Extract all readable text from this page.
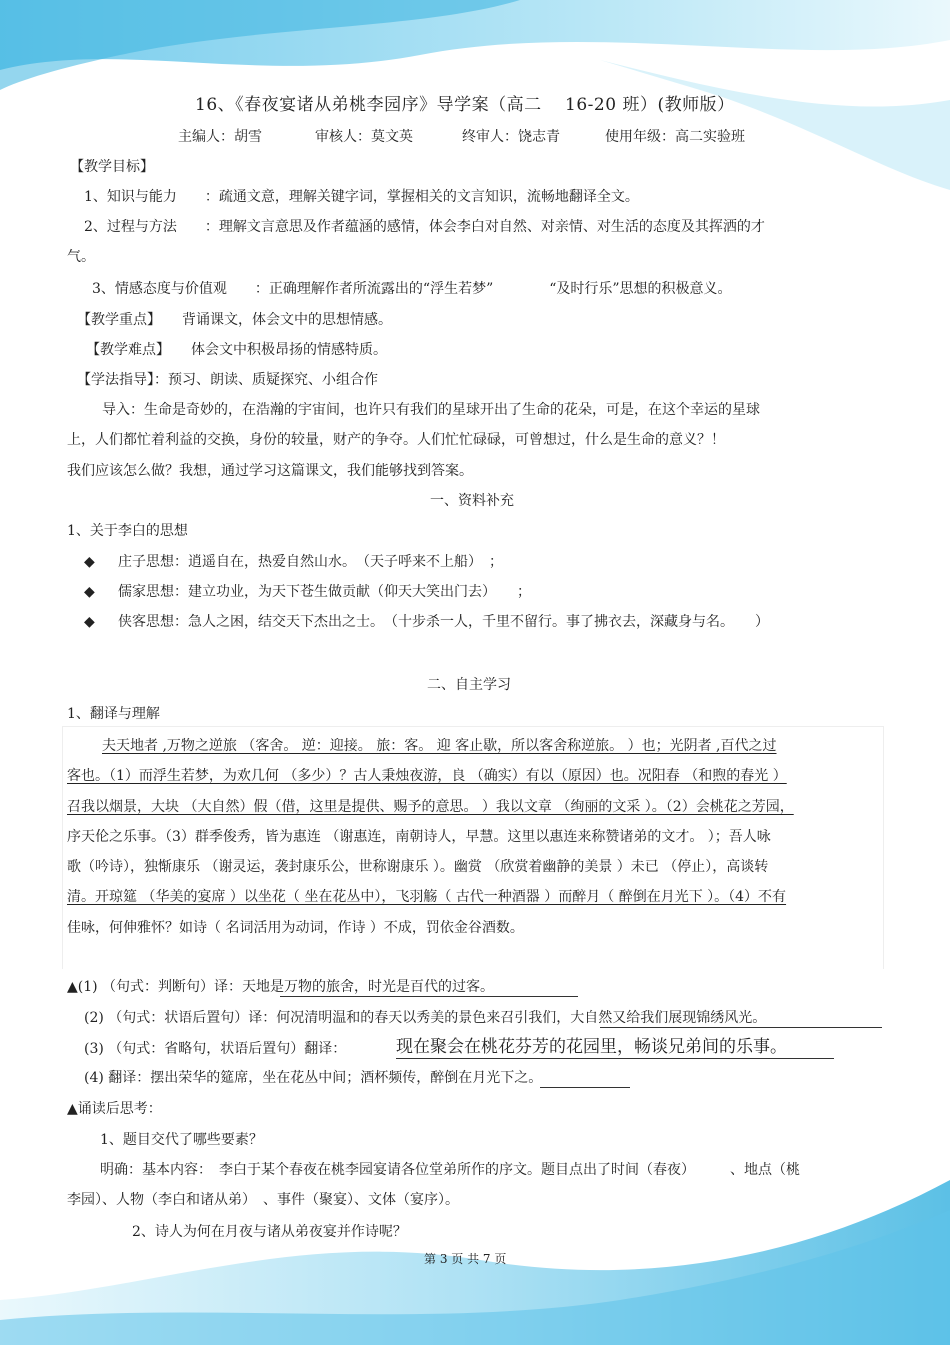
16、《春夜宴诸从弟桃李园序》导学案（高二 　16-20 班）(教师版）
主编人：胡雪	审核人：莫文英	终审人：饶志青	使用年级：高二实验班
【教学目标】
1、知识与能力　　：疏通文意，理解关键字词，掌握相关的文言知识，流畅地翻译全文。
2、过程与方法　　：理解文言意思及作者蕴涵的感情，体会李白对自然、对亲情、对生活的态度及其挥洒的才
气。
3、情感态度与价值观　　：正确理解作者所流露出的“浮生若梦”　　　　“及时行乐”思想的积极意义。
【教学重点】　　背诵课文，体会文中的思想情感。
【教学难点】　　体会文中积极昂扬的情感特质。
【学法指导】：预习、朗读、质疑探究、小组合作
导入：生命是奇妙的，在浩瀚的宇宙间，也许只有我们的星球开出了生命的花朵，可是，在这个幸运的星球
上，人们都忙着利益的交换，身份的较量，财产的争夺。人们忙忙碌碌，可曾想过，什么是生命的意义？！
我们应该怎么做？我想，通过学习这篇课文，我们能够找到答案。
一、资料补充
1、关于李白的思想
◆ 庄子思想：逍遥自在，热爱自然山水。　（天子呼来不上船）　；
◆ 儒家思想：建立功业，为天下苍生做贡献（仰天大笑出门去）　　；
◆ 侠客思想：急人之困，结交天下杰出之士。　（十步杀一人，千里不留行。事了拂衣去，深藏身与名。　　）
二、自主学习
1、翻译与理解
夫天地者 ,万物之逆旅 （客舍。 逆：迎接。 旅：客。 迎 客止歇，所以客舍称逆旅。 ）也；光阴者 ,百代之过
客也。（1）而浮生若梦，为欢几何 （多少）？古人秉烛夜游，良 （确实）有以（原因）也。况阳春 （和煦的春光 ）
召我以烟景，大块 （大自然）假（借，这里是提供、赐予的意思。 ）我以文章 （绚丽的文采 ）。（2）会桃花之芳园，
序天伦之乐事。（3）群季俊秀，皆为惠连 （谢惠连，南朝诗人，早慧。这里以惠连来称赞诸弟的文才。 ）；吾人咏
歌（吟诗），独惭康乐 （谢灵运，袭封康乐公，世称谢康乐 ）。幽赏 （欣赏着幽静的美景 ）未已 （停止），高谈转
清。开琼筵 （华美的宴席 ）以坐花（ 坐在花丛中），飞羽觞（ 古代一种酒器 ）而醉月（ 醉倒在月光下 ）。（4）不有
佳咏，何伸雅怀？如诗（ 名词活用为动词，作诗 ）不成，罚依金谷酒数。
▲(1) （句式：判断句）译：天地是万物的旅舍，时光是百代的过客。
(2) （句式：状语后置句）译：何况清明温和的春天以秀美的景色来召引我们，大自然又给我们展现锦绣风光。
(3) （句式：省略句，状语后置句）翻译：	现在聚会在桃花芬芳的花园里，畅谈兄弟间的乐事。
(4) 翻译：摆出荣华的筵席，坐在花丛中间；酒杯频传，醉倒在月光下之。
▲诵读后思考：
1、题目交代了哪些要素？
明确：基本内容：　李白于某个春夜在桃李园宴请各位堂弟所作的序文。题目点出了时间（春夜）　　　、地点（桃
李园）、人物（李白和诸从弟）　、事件（聚宴）、文体（宴序）。
2、诗人为何在月夜与诸从弟夜宴并作诗呢？
第 3 页 共 7 页
